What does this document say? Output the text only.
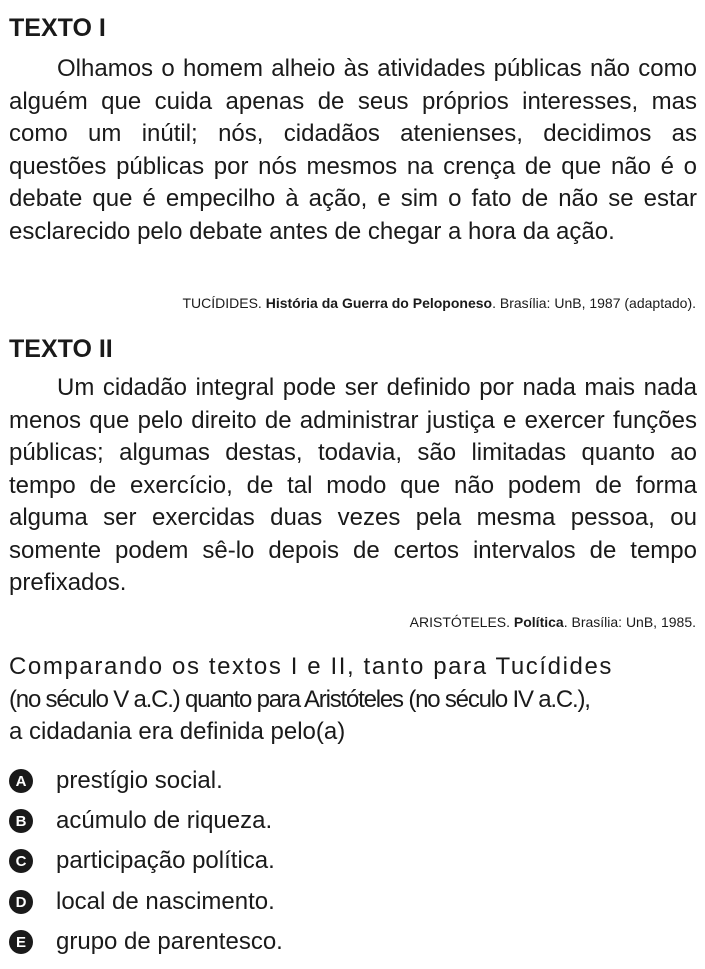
TEXTO I

Olhamos o homem alheio às atividades públicas não como alguém que cuida apenas de seus próprios interesses, mas como um inútil; nós, cidadãos atenienses, decidimos as questões públicas por nós mesmos na crença de que não é o debate que é empecilho à ação, e sim o fato de não se estar esclarecido pelo debate antes de chegar a hora da ação.

TUCÍDIDES. História da Guerra do Peloponeso. Brasília: UnB, 1987 (adaptado).
TEXTO II

Um cidadão integral pode ser definido por nada mais nada menos que pelo direito de administrar justiça e exercer funções públicas; algumas destas, todavia, são limitadas quanto ao tempo de exercício, de tal modo que não podem de forma alguma ser exercidas duas vezes pela mesma pessoa, ou somente podem sê-lo depois de certos intervalos de tempo prefixados.

ARISTÓTELES. Política. Brasília: UnB, 1985.
Comparando os textos I e II, tanto para Tucídides
(no século V a.C.) quanto para Aristóteles (no século IV a.C.),
a cidadania era definida pelo(a)
A prestígio social.
B acúmulo de riqueza.
C participação política.
D local de nascimento.
E grupo de parentesco.
